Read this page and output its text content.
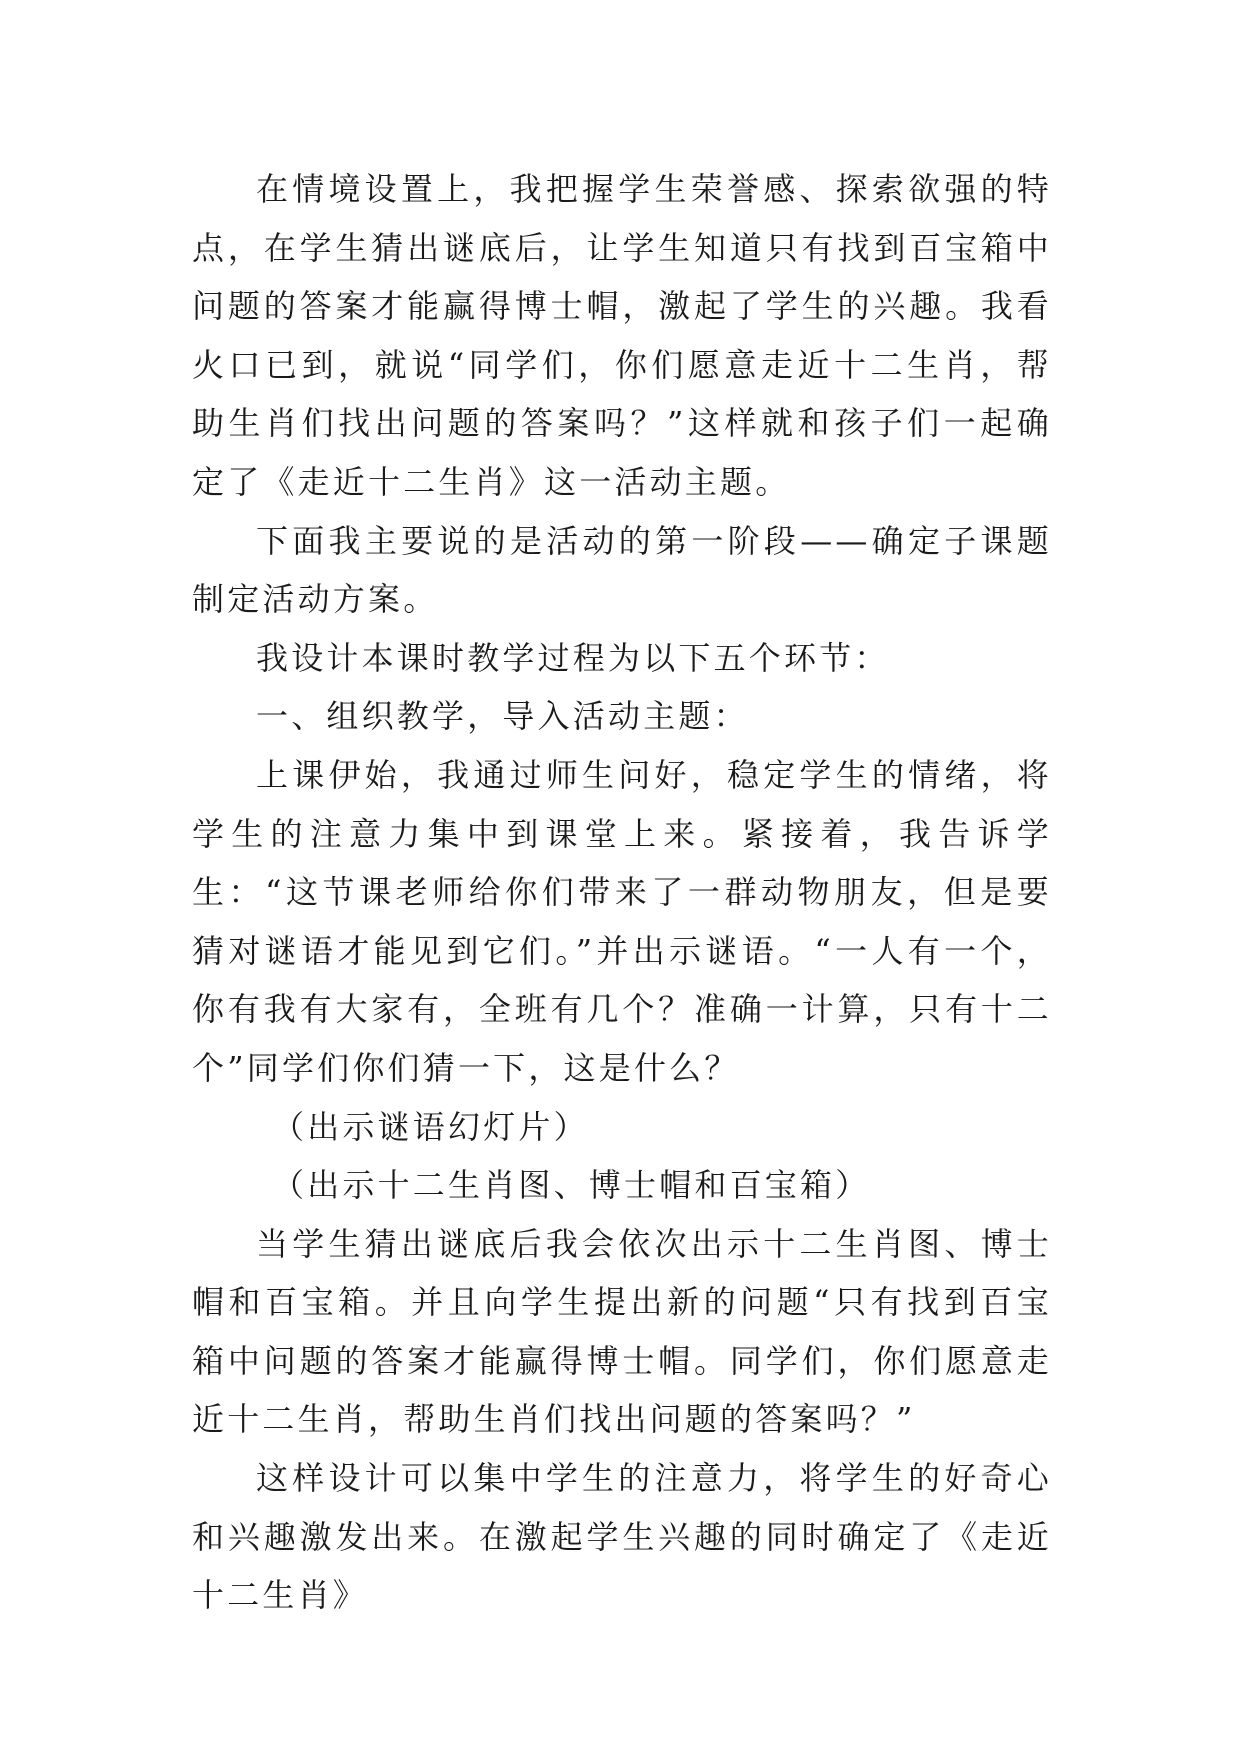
在情境设置上，我把握学生荣誉感、探索欲强的特点，在学生猜出谜底后，让学生知道只有找到百宝箱中问题的答案才能赢得博士帽，激起了学生的兴趣。我看火口已到，就说“同学们，你们愿意走近十二生肖，帮助生肖们找出问题的答案吗？”这样就和孩子们一起确定了《走近十二生肖》这一活动主题。

下面我主要说的是活动的第一阶段——确定子课题制定活动方案。

我设计本课时教学过程为以下五个环节：

一、组织教学，导入活动主题：

上课伊始，我通过师生问好，稳定学生的情绪，将学生的注意力集中到课堂上来。紧接着，我告诉学生：“这节课老师给你们带来了一群动物朋友，但是要猜对谜语才能见到它们。”并出示谜语。“一人有一个，你有我有大家有，全班有几个？准确一计算，只有十二个”同学们你们猜一下，这是什么？

（出示谜语幻灯片）

（出示十二生肖图、博士帽和百宝箱）

当学生猜出谜底后我会依次出示十二生肖图、博士帽和百宝箱。并且向学生提出新的问题“只有找到百宝箱中问题的答案才能赢得博士帽。同学们，你们愿意走近十二生肖，帮助生肖们找出问题的答案吗？”

这样设计可以集中学生的注意力，将学生的好奇心和兴趣激发出来。在激起学生兴趣的同时确定了《走近十二生肖》
